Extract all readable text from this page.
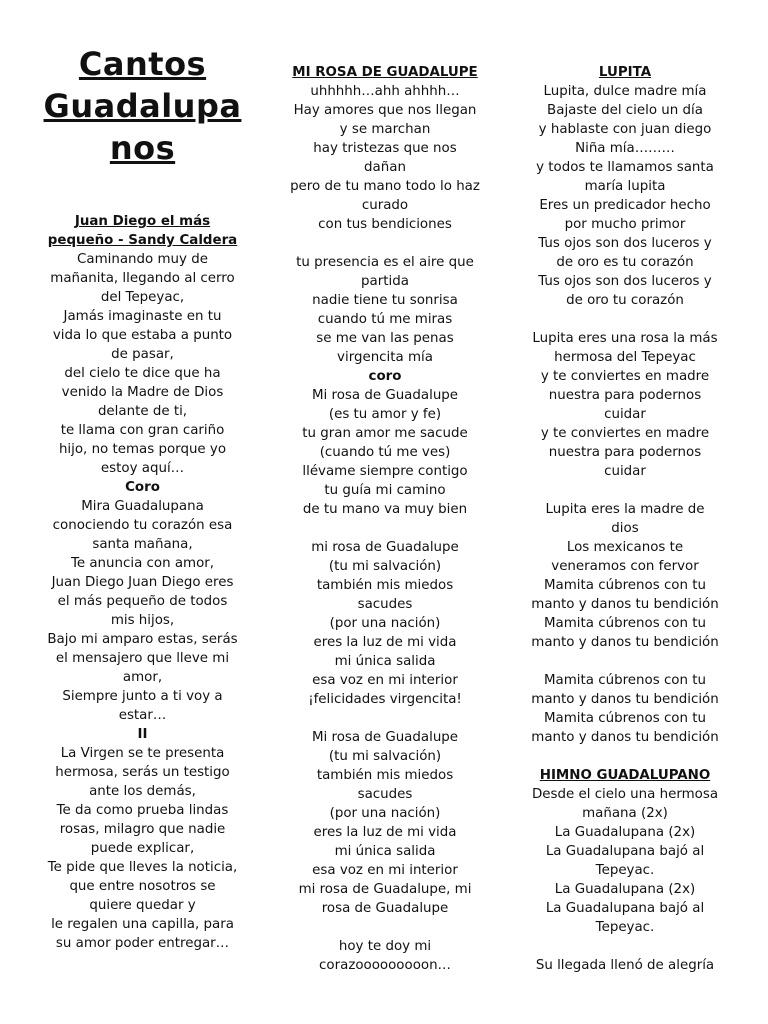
Cantos
Guadalupa
nos
Juan Diego el más
pequeño - Sandy Caldera
Caminando muy de
mañanita, llegando al cerro
del Tepeyac,
Jamás imaginaste en tu
vida lo que estaba a punto
de pasar,
del cielo te dice que ha
venido la Madre de Dios
delante de ti,
te llama con gran cariño
hijo, no temas porque yo
estoy aquí…
Coro
Mira Guadalupana
conociendo tu corazón esa
santa mañana,
Te anuncia con amor,
Juan Diego Juan Diego eres
el más pequeño de todos
mis hijos,
Bajo mi amparo estas, serás
el mensajero que lleve mi
amor,
Siempre junto a ti voy a
estar…
II
La Virgen se te presenta
hermosa, serás un testigo
ante los demás,
Te da como prueba lindas
rosas, milagro que nadie
puede explicar,
Te pide que lleves la noticia,
que entre nosotros se
quiere quedar y
le regalen una capilla, para
su amor poder entregar…
MI ROSA DE GUADALUPE
uhhhhh…ahh ahhhh…
Hay amores que nos llegan
y se marchan
hay tristezas que nos
dañan
pero de tu mano todo lo haz
curado
con tus bendiciones
tu presencia es el aire que
partida
nadie tiene tu sonrisa
cuando tú me miras
se me van las penas
virgencita mía
coro
Mi rosa de Guadalupe
(es tu amor y fe)
tu gran amor me sacude
(cuando tú me ves)
llévame siempre contigo
tu guía mi camino
de tu mano va muy bien
mi rosa de Guadalupe
(tu mi salvación)
también mis miedos
sacudes
(por una nación)
eres la luz de mi vida
mi única salida
esa voz en mi interior
¡felicidades virgencita!
Mi rosa de Guadalupe
(tu mi salvación)
también mis miedos
sacudes
(por una nación)
eres la luz de mi vida
mi única salida
esa voz en mi interior
mi rosa de Guadalupe, mi
rosa de Guadalupe
hoy te doy mi
corazooooooooon…
LUPITA
Lupita, dulce madre mía
Bajaste del cielo un día
y hablaste con juan diego
Niña mía………
y todos te llamamos santa
maría lupita
Eres un predicador hecho
por mucho primor
Tus ojos son dos luceros y
de oro es tu corazón
Tus ojos son dos luceros y
de oro tu corazón
Lupita eres una rosa la más
hermosa del Tepeyac
y te conviertes en madre
nuestra para podernos
cuidar
y te conviertes en madre
nuestra para podernos
cuidar
Lupita eres la madre de
dios
Los mexicanos te
veneramos con fervor
Mamita cúbrenos con tu
manto y danos tu bendición
Mamita cúbrenos con tu
manto y danos tu bendición
Mamita cúbrenos con tu
manto y danos tu bendición
Mamita cúbrenos con tu
manto y danos tu bendición
HIMNO GUADALUPANO
Desde el cielo una hermosa
mañana (2x)
La Guadalupana (2x)
La Guadalupana bajó al
Tepeyac.
La Guadalupana (2x)
La Guadalupana bajó al
Tepeyac.
Su llegada llenó de alegría
